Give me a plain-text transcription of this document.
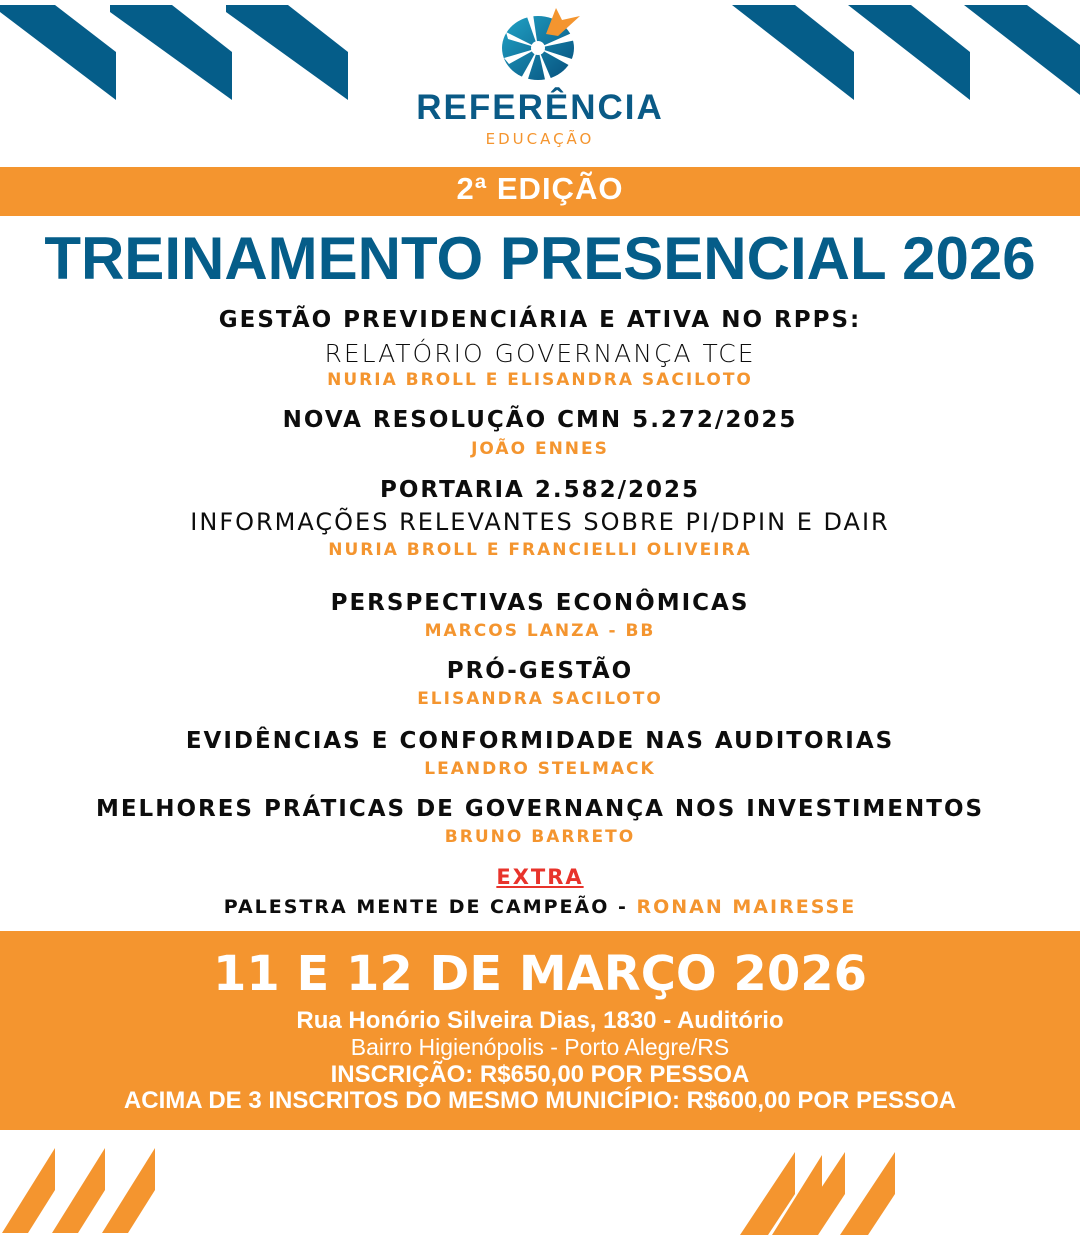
REFERÊNCIA
EDUCAÇÃO
2ª EDIÇÃO
TREINAMENTO PRESENCIAL 2026
GESTÃO PREVIDENCIÁRIA E ATIVA NO RPPS:
RELATÓRIO GOVERNANÇA TCE
NURIA BROLL E ELISANDRA SACILOTO
NOVA RESOLUÇÃO CMN 5.272/2025
JOÃO ENNES
PORTARIA 2.582/2025
INFORMAÇÕES RELEVANTES SOBRE PI/DPIN E DAIR
NURIA BROLL E FRANCIELLI OLIVEIRA
PERSPECTIVAS ECONÔMICAS
MARCOS LANZA - BB
PRÓ-GESTÃO
ELISANDRA SACILOTO
EVIDÊNCIAS E CONFORMIDADE NAS AUDITORIAS
LEANDRO STELMACK
MELHORES PRÁTICAS DE GOVERNANÇA NOS INVESTIMENTOS
BRUNO BARRETO
EXTRA
PALESTRA MENTE DE CAMPEÃO - RONAN MAIRESSE
11 E 12 DE MARÇO 2026
Rua Honório Silveira Dias, 1830 - Auditório
Bairro Higienópolis - Porto Alegre/RS
INSCRIÇÃO: R$650,00 POR PESSOA
ACIMA DE 3 INSCRITOS DO MESMO MUNICÍPIO: R$600,00 POR PESSOA
